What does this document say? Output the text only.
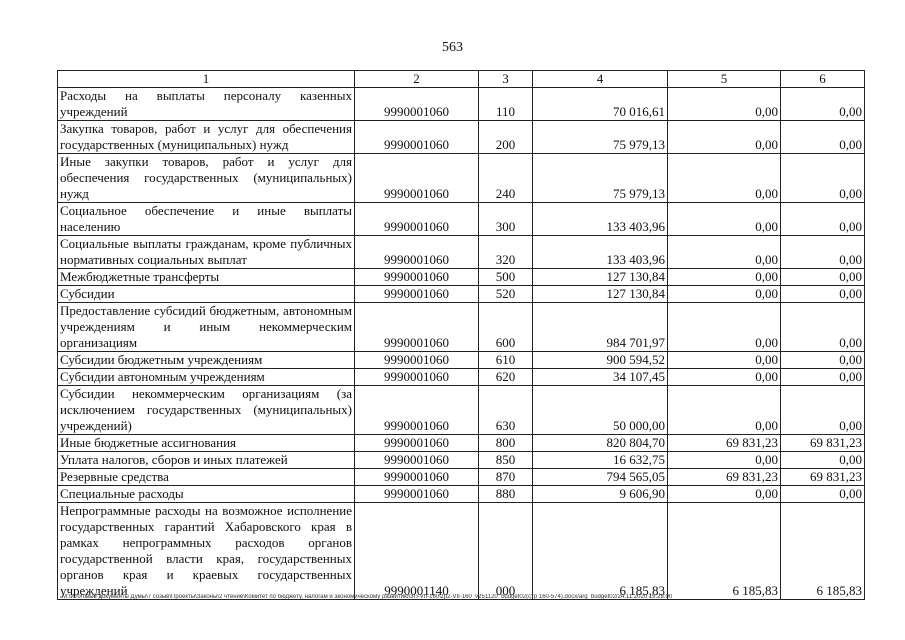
563
1	2	3	4	5	6
Расходы на выплаты персоналу казенных учреждений	9990001060	110	70 016,61	0,00	0,00
Закупка товаров, работ и услуг для обеспечения государственных (муниципальных) нужд	9990001060	200	75 979,13	0,00	0,00
Иные закупки товаров, работ и услуг для обеспечения государственных (муниципальных) нужд	9990001060	240	75 979,13	0,00	0,00
Социальное обеспечение и иные выплаты населению	9990001060	300	133 403,96	0,00	0,00
Социальные выплаты гражданам, кроме публичных нормативных социальных выплат	9990001060	320	133 403,96	0,00	0,00
Межбюджетные трансферты	9990001060	500	127 130,84	0,00	0,00
Субсидии	9990001060	520	127 130,84	0,00	0,00
Предоставление субсидий бюджетным, автономным учреждениям и иным некоммерческим организациям	9990001060	600	984 701,97	0,00	0,00
Субсидии бюджетным учреждениям	9990001060	610	900 594,52	0,00	0,00
Субсидии автономным учреждениям	9990001060	620	34 107,45	0,00	0,00
Субсидии некоммерческим организациям (за исключением государственных (муниципальных) учреждений)	9990001060	630	50 000,00	0,00	0,00
Иные бюджетные ассигнования	9990001060	800	820 804,70	69 831,23	69 831,23
Уплата налогов, сборов и иных платежей	9990001060	850	16 632,75	0,00	0,00
Резервные средства	9990001060	870	794 565,05	69 831,23	69 831,23
Специальные расходы	9990001060	880	9 606,90	0,00	0,00
Непрограммные расходы на возможное исполнение государственных гарантий Хабаровского края в рамках непрограммных расходов органов государственной власти края, государственных органов края и краевых государственных учреждений	9990001140	000	6 185,83	6 185,83	6 185,83
M:\Итоговые документы Думы\7 созыв\Проекты\Законы\2 чтение\Комитет по бюджету, налогам и экономическому развитию\3П-VII-160\zp2-VII-160_v251120_budget02(стр 160-574).docx/arg_budget02/24.11.2020 19:28:00
